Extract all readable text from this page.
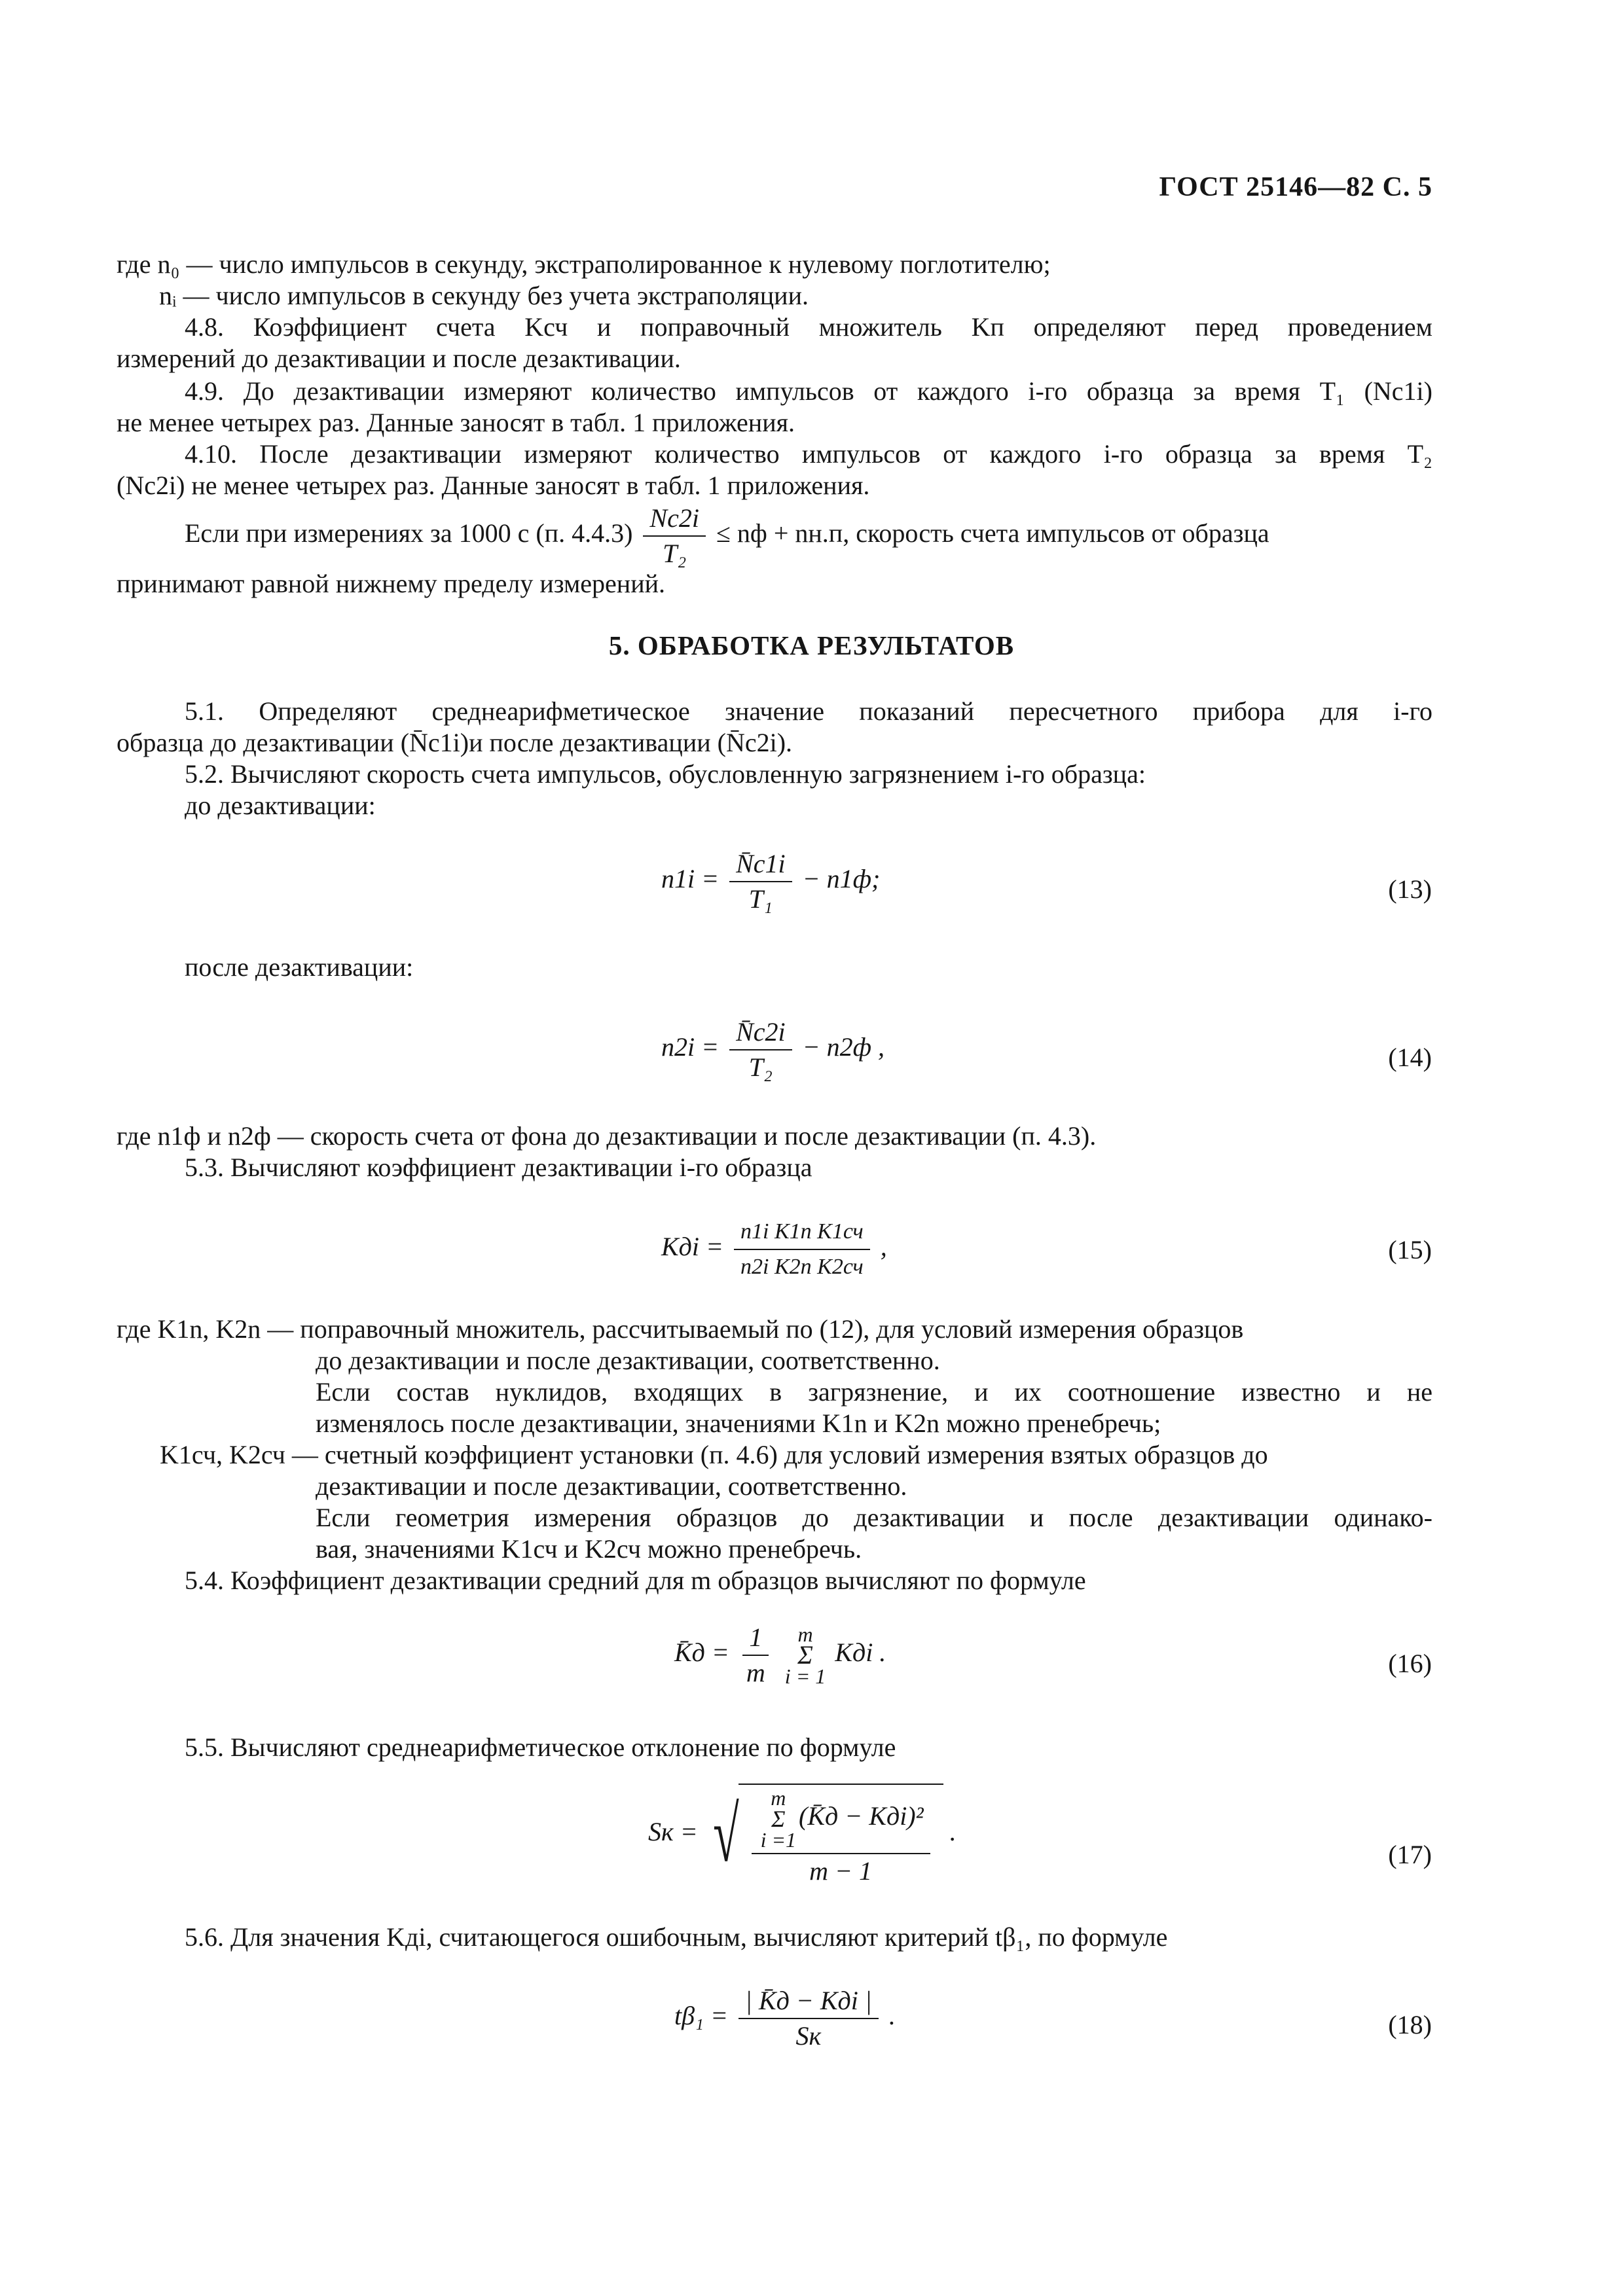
ГОСТ 25146—82 С. 5
где n₀ — число импульсов в секунду, экстраполированное к нулевому поглотителю;
nᵢ — число импульсов в секунду без учета экстраполяции.
4.8. Коэффициент счета Kсч и поправочный множитель Kп определяют перед проведением
измерений до дезактивации и после дезактивации.
4.9. До дезактивации измеряют количество импульсов от каждого i-го образца за время T₁ (Nc1i)
не менее четырех раз. Данные заносят в табл. 1 приложения.
4.10. После дезактивации измеряют количество импульсов от каждого i-го образца за время T₂
(Nc2i) не менее четырех раз. Данные заносят в табл. 1 приложения.
Если при измерениях за 1000 с (п. $4.4.3) \frac{Nc2i}{\text{T₂}}$ ≤ nф + nн.п, скорость счета импульсов от образца
принимают равной нижнему пределу измерений.
5. ОБРАБОТКА РЕЗУЛЬТАТОВ
5.1. Определяют среднеарифметическое значение показаний пересчетного прибора для i-го
образца до дезактивации (N̄c1i)и после дезактивации (N̄c2i).
5.2. Вычисляют скорость счета импульсов, обусловленную загрязнением i-го образца:
до дезактивации:
$n1i = \frac{N̄c1i}{\text{T₁}} - n1ф$;	(13)
после дезактивации:
$n2i = \frac{N̄c2i}{\text{T₂}} - n2ф$ ,	(14)
где n1ф и n2ф — скорость счета от фона до дезактивации и после дезактивации (п. 4.3).
5.3. Вычисляют коэффициент дезактивации i-го образца
Kдi = $\frac{\text{n1i K1n K1сч}}{\text{n2i K2n K2сч}}$ ,	(15)
где K1n, K2n — поправочный множитель, рассчитываемый по (12), для условий измерения образцов
до дезактивации и после дезактивации, соответственно.
Если состав нуклидов, входящих в загрязнение, и их соотношение известно и не
изменялось после дезактивации, значениями K1n и K2n можно пренебречь;
K1сч, K2сч — счетный коэффициент установки (п. 4.6) для условий измерения взятых образцов до
дезактивации и после дезактивации, соответственно.
Если геометрия измерения образцов до дезактивации и после дезактивации одинако-
вая, значениями K1сч и K2сч можно пренебречь.
5.4. Коэффициент дезактивации средний для m образцов вычисляют по формуле
K̄д = $\frac{1}{m}$
m
Σ
i = 1
Kдi .	(16)
5.5. Вычисляют среднеарифметическое отклонение по формуле
Sк = √ m
Σ
i =1
(K̄д − Kдi)²
m − 1 .
(17)
5.6. Для значения Kдi, считающегося ошибочным, вычисляют критерий tβ₁, по формуле
$t\beta_1 = \frac{\text{| K̄д − Kдi |}}{Sк}$ .	(18)
